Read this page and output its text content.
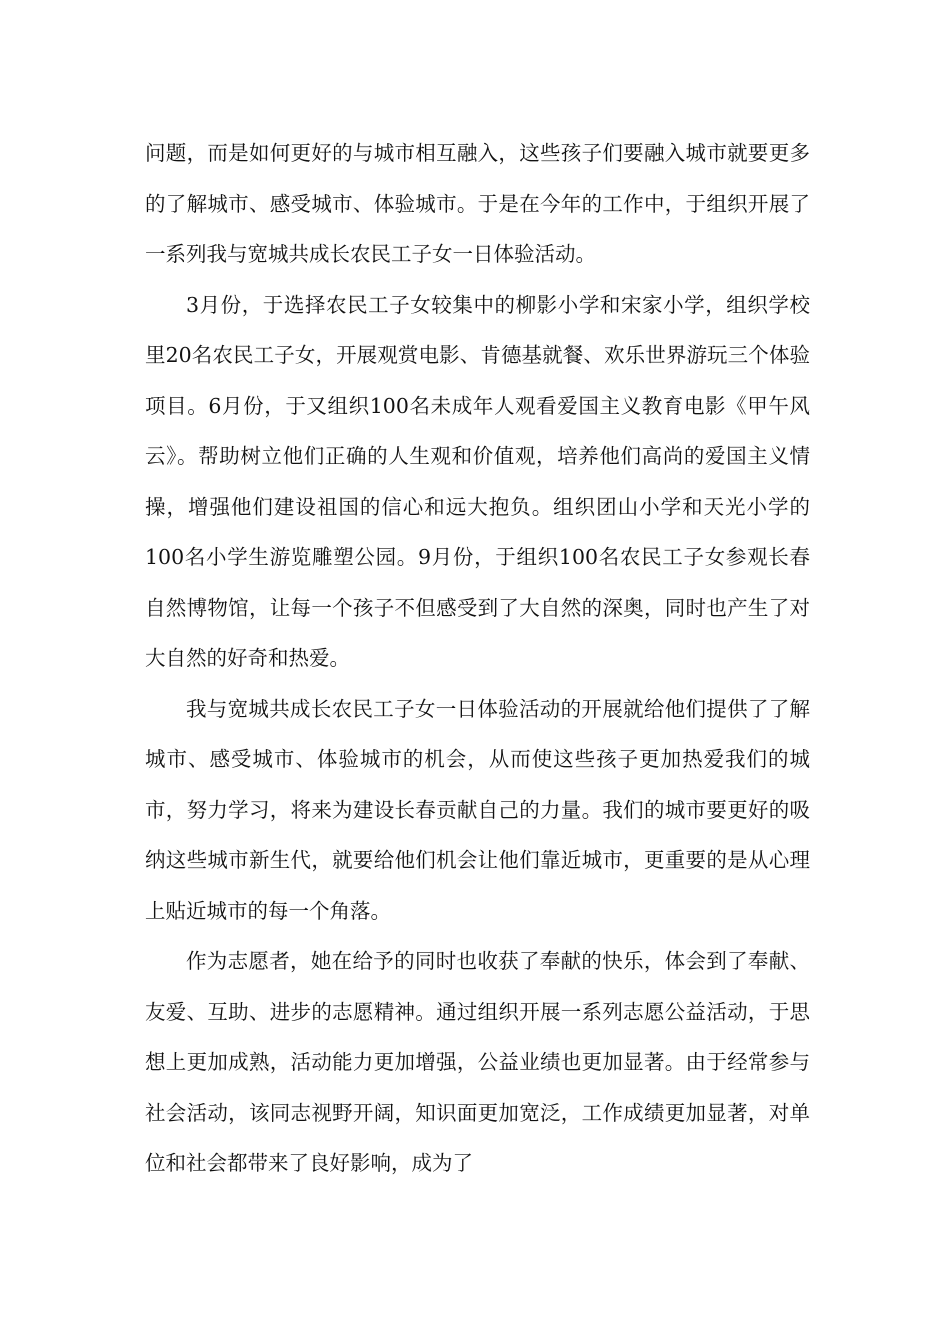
问题，而是如何更好的与城市相互融入，这些孩子们要融入城市就要更多的了解城市、感受城市、体验城市。于是在今年的工作中，于组织开展了一系列我与宽城共成长农民工子女一日体验活动。

3月份，于选择农民工子女较集中的柳影小学和宋家小学，组织学校里20名农民工子女，开展观赏电影、肯德基就餐、欢乐世界游玩三个体验项目。6月份，于又组织100名未成年人观看爱国主义教育电影《甲午风云》。帮助树立他们正确的人生观和价值观，培养他们高尚的爱国主义情操，增强他们建设祖国的信心和远大抱负。组织团山小学和天光小学的100名小学生游览雕塑公园。9月份，于组织100名农民工子女参观长春自然博物馆，让每一个孩子不但感受到了大自然的深奥，同时也产生了对大自然的好奇和热爱。

我与宽城共成长农民工子女一日体验活动的开展就给他们提供了了解城市、感受城市、体验城市的机会，从而使这些孩子更加热爱我们的城市，努力学习，将来为建设长春贡献自己的力量。我们的城市要更好的吸纳这些城市新生代，就要给他们机会让他们靠近城市，更重要的是从心理上贴近城市的每一个角落。

作为志愿者，她在给予的同时也收获了奉献的快乐，体会到了奉献、友爱、互助、进步的志愿精神。通过组织开展一系列志愿公益活动，于思想上更加成熟，活动能力更加增强，公益业绩也更加显著。由于经常参与社会活动，该同志视野开阔，知识面更加宽泛，工作成绩更加显著，对单位和社会都带来了良好影响，成为了
